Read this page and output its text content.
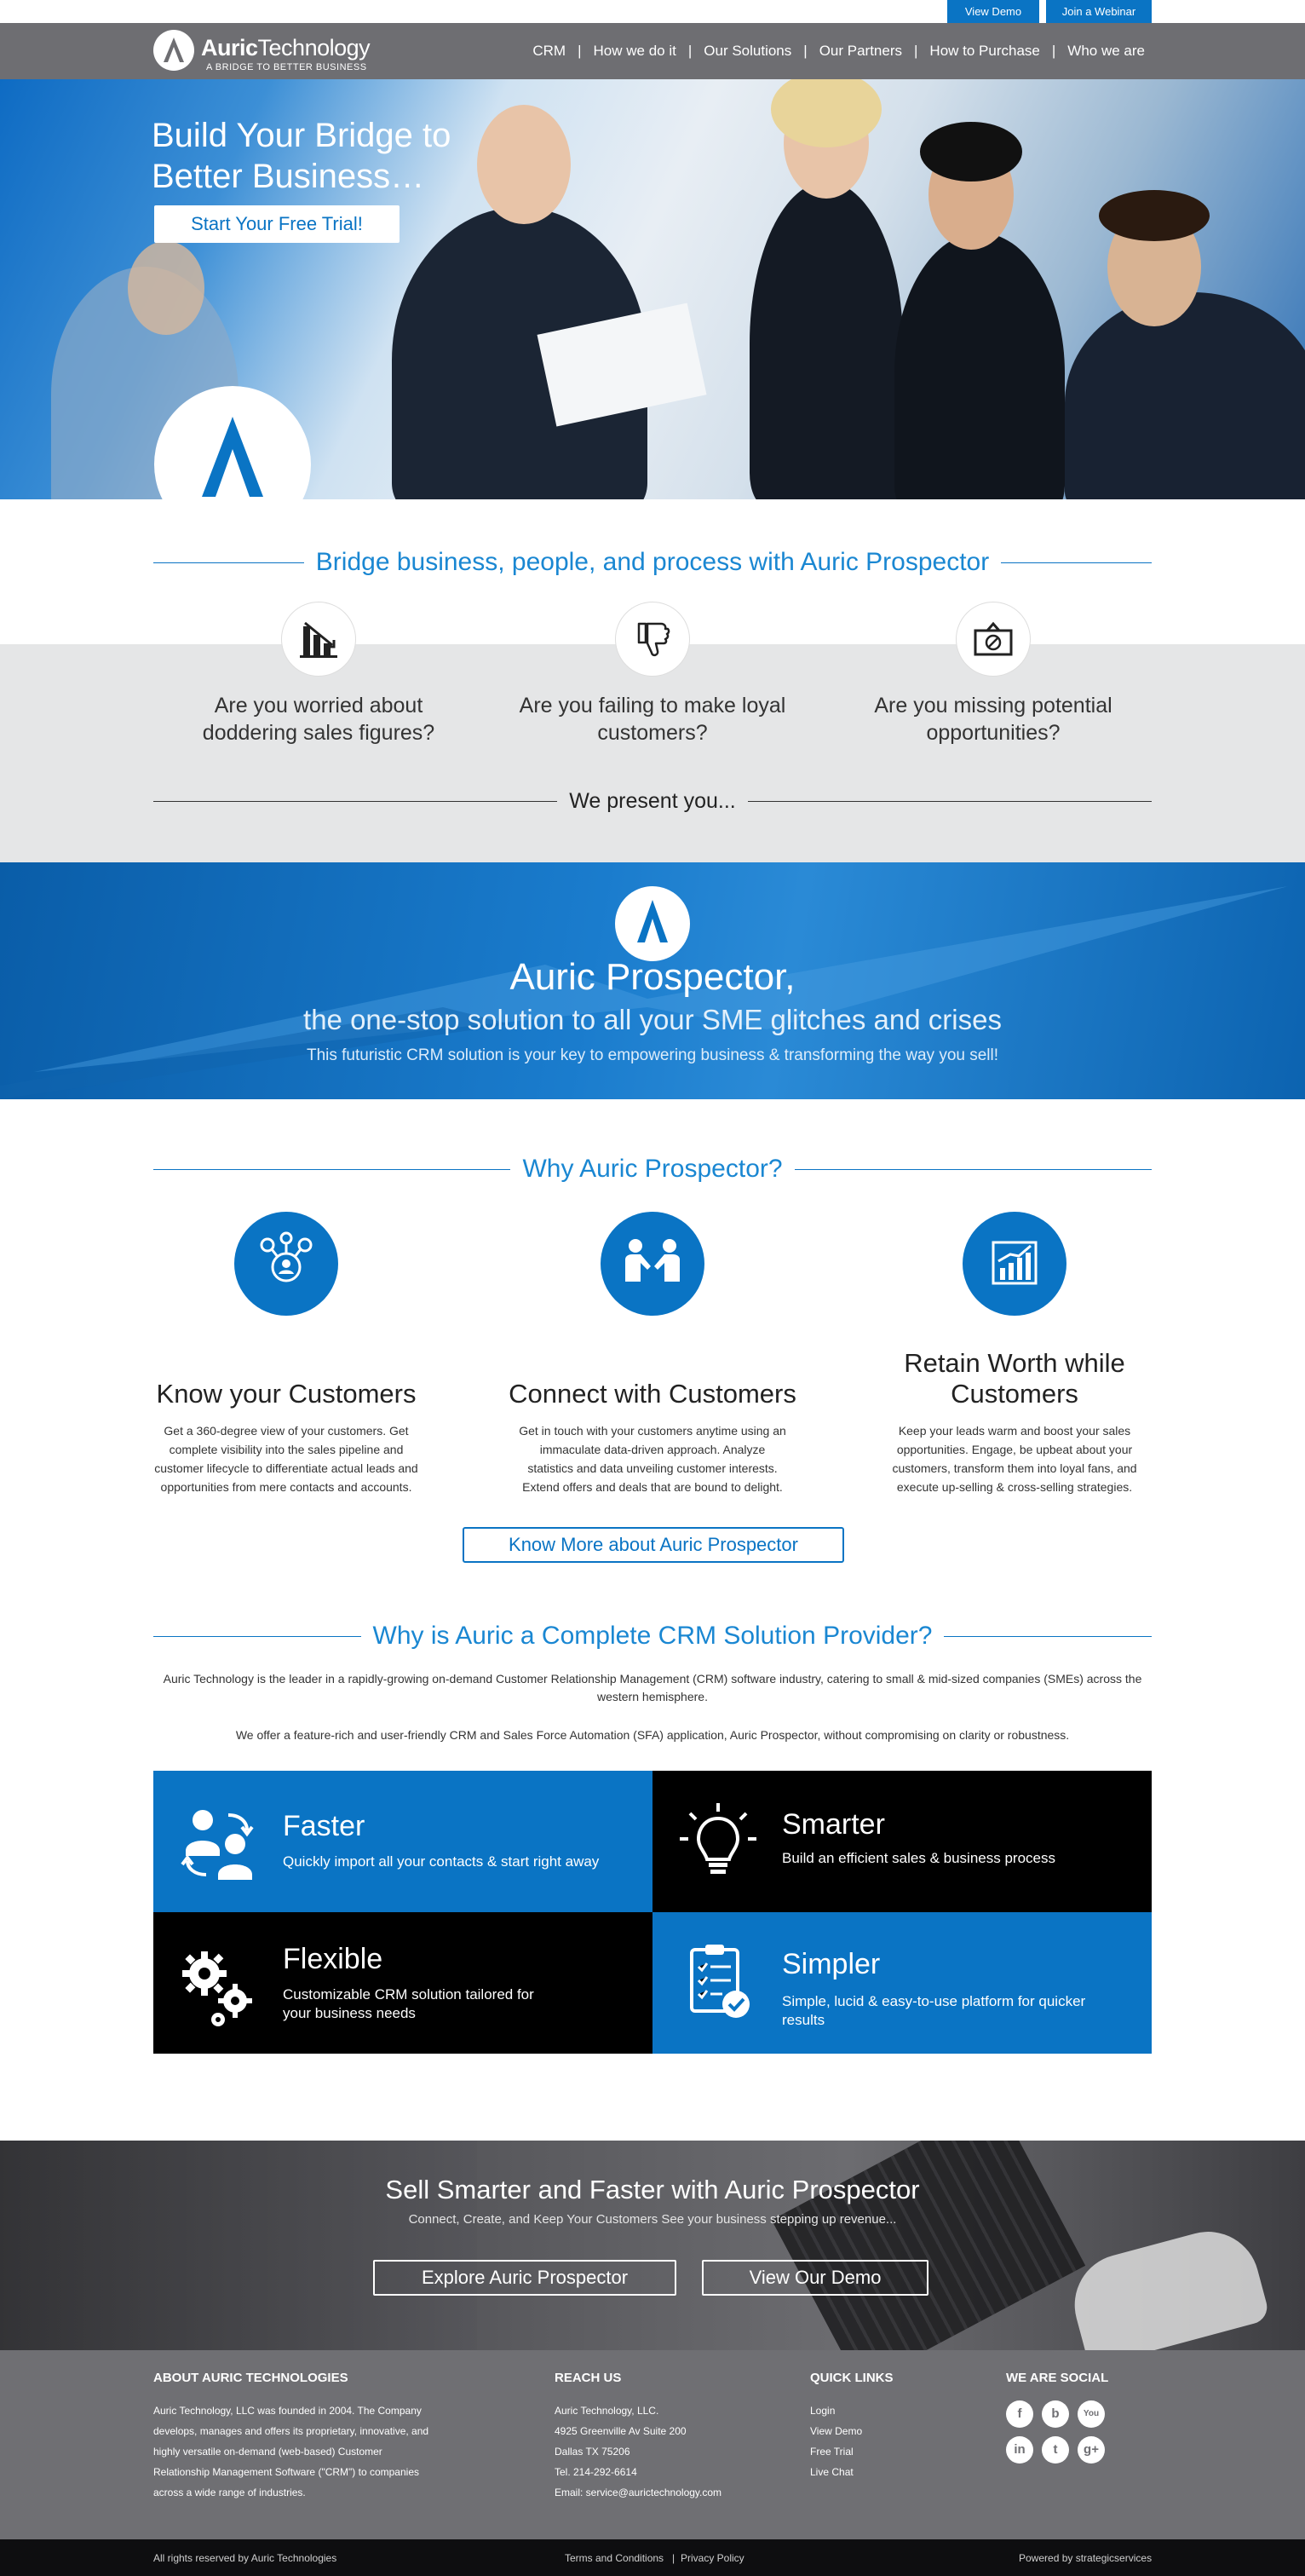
View Demo	Join a Webinar
AuricTechnology
A BRIDGE TO BETTER BUSINESS
CRM | How we do it | Our Solutions | Our Partners | How to Purchase | Who we are
Build Your Bridge to Better Business…
Start Your Free Trial!
Bridge business, people, and process with Auric Prospector
Are you worried about doddering sales figures?
Are you failing to make loyal customers?
Are you missing potential opportunities?
We present you...
Auric Prospector,
the one-stop solution to all your SME glitches and crises
This futuristic CRM solution is your key to empowering business & transforming the way you sell!
Why Auric Prospector?
Know your Customers
Get a 360-degree view of your customers. Get complete visibility into the sales pipeline and customer lifecycle to differentiate actual leads and opportunities from mere contacts and accounts.
Connect with Customers
Get in touch with your customers anytime using an immaculate data-driven approach. Analyze statistics and data unveiling customer interests. Extend offers and deals that are bound to delight.
Retain Worth while Customers
Keep your leads warm and boost your sales opportunities. Engage, be upbeat about your customers, transform them into loyal fans, and execute up-selling & cross-selling strategies.
Know More about Auric Prospector
Why is Auric a Complete CRM Solution Provider?
Auric Technology is the leader in a rapidly-growing on-demand Customer Relationship Management (CRM) software industry, catering to small & mid-sized companies (SMEs) across the western hemisphere.
We offer a feature-rich and user-friendly CRM and Sales Force Automation (SFA) application, Auric Prospector, without compromising on clarity or robustness.
Faster
Quickly import all your contacts & start right away
Smarter
Build an efficient sales & business process
Flexible
Customizable CRM solution tailored for your business needs
Simpler
Simple, lucid & easy-to-use platform for quicker results
Sell Smarter and Faster with Auric Prospector
Connect, Create, and Keep Your Customers See your business stepping up revenue...
Explore Auric Prospector	View Our Demo
ABOUT AURIC TECHNOLOGIES
Auric Technology, LLC was founded in 2004. The Company
develops, manages and offers its proprietary, innovative, and
highly versatile on-demand (web-based) Customer
Relationship Management Software ("CRM") to companies
across a wide range of industries.
REACH US
Auric Technology, LLC.
4925 Greenville Av Suite 200
Dallas TX 75206
Tel. 214-292-6614
Email: service@aurictechnology.com
QUICK LINKS
Login
View Demo
Free Trial
Live Chat
WE ARE SOCIAL
f	b	You
in	t	g+
All rights reserved by Auric Technologies	Terms and Conditions | Privacy Policy	Powered by strategicservices
